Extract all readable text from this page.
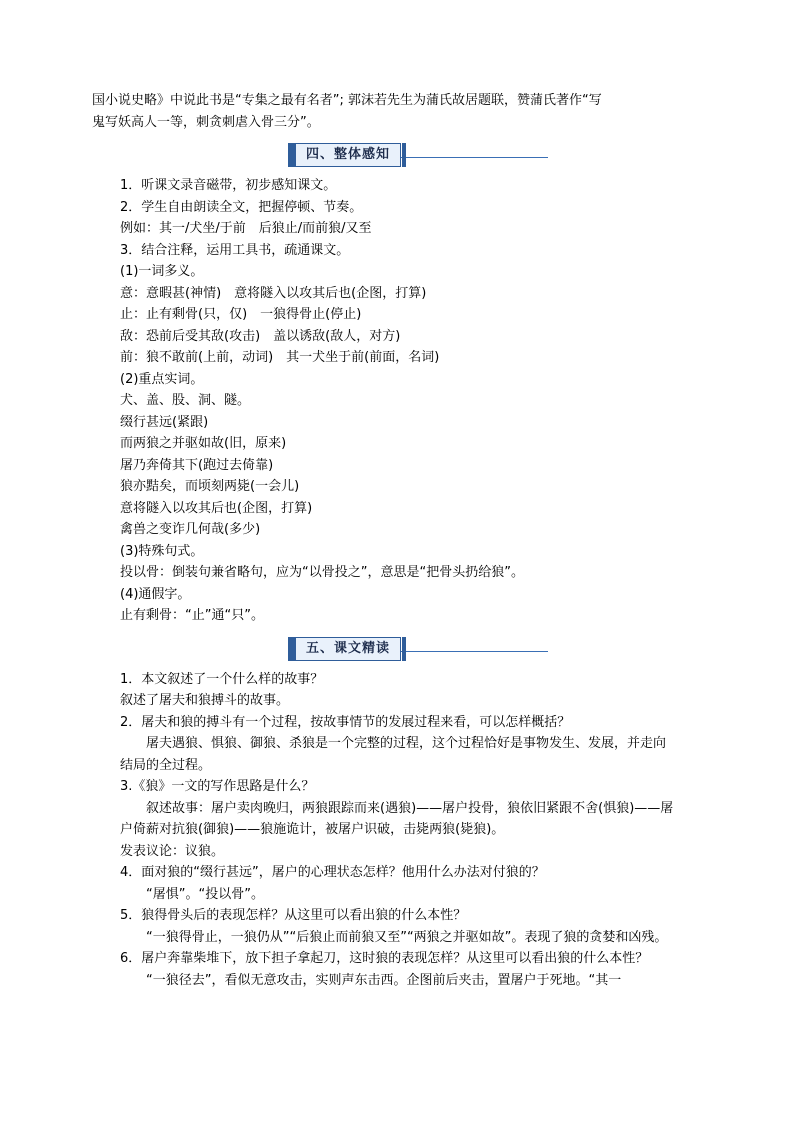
国小说史略》中说此书是“专集之最有名者”; 郭沫若先生为蒲氏故居题联，赞蒲氏著作“写

鬼写妖高人一等，刺贪刺虐入骨三分”。

四、整体感知

1．听课文录音磁带，初步感知课文。

2．学生自由朗读全文，把握停顿、节奏。

例如：其一/犬坐/于前　后狼止/而前狼/又至

3．结合注释，运用工具书，疏通课文。

(1)一词多义。

意：意暇甚(神情)　意将隧入以攻其后也(企图，打算)

止：止有剩骨(只，仅)　一狼得骨止(停止)

敌：恐前后受其敌(攻击)　盖以诱敌(敌人，对方)

前：狼不敢前(上前，动词)　其一犬坐于前(前面，名词)

(2)重点实词。

犬、盖、股、洞、隧。

缀行甚远(紧跟)

而两狼之并驱如故(旧，原来)

屠乃奔倚其下(跑过去倚靠)

狼亦黠矣，而顷刻两毙(一会儿)

意将隧入以攻其后也(企图，打算)

禽兽之变诈几何哉(多少)

(3)特殊句式。

投以骨：倒装句兼省略句，应为“以骨投之”，意思是“把骨头扔给狼”。

(4)通假字。

止有剩骨：“止”通“只”。

五、课文精读

1．本文叙述了一个什么样的故事？

叙述了屠夫和狼搏斗的故事。

2．屠夫和狼的搏斗有一个过程，按故事情节的发展过程来看，可以怎样概括？

屠夫遇狼、惧狼、御狼、杀狼是一个完整的过程，这个过程恰好是事物发生、发展，并走向结局的全过程。

3.《狼》一文的写作思路是什么？

叙述故事：屠户卖肉晚归，两狼跟踪而来(遇狼)——屠户投骨，狼依旧紧跟不舍(惧狼)——屠户倚薪对抗狼(御狼)——狼施诡计，被屠户识破，击毙两狼(毙狼)。

发表议论：议狼。

4．面对狼的“缀行甚远”，屠户的心理状态怎样？他用什么办法对付狼的？

“屠惧”。“投以骨”。

5．狼得骨头后的表现怎样？从这里可以看出狼的什么本性？

“一狼得骨止，一狼仍从”“后狼止而前狼又至”“两狼之并驱如故”。表现了狼的贪婪和凶残。

6．屠户奔靠柴堆下，放下担子拿起刀，这时狼的表现怎样？从这里可以看出狼的什么本性？

“一狼径去”，看似无意攻击，实则声东击西。企图前后夹击，置屠户于死地。“其一
